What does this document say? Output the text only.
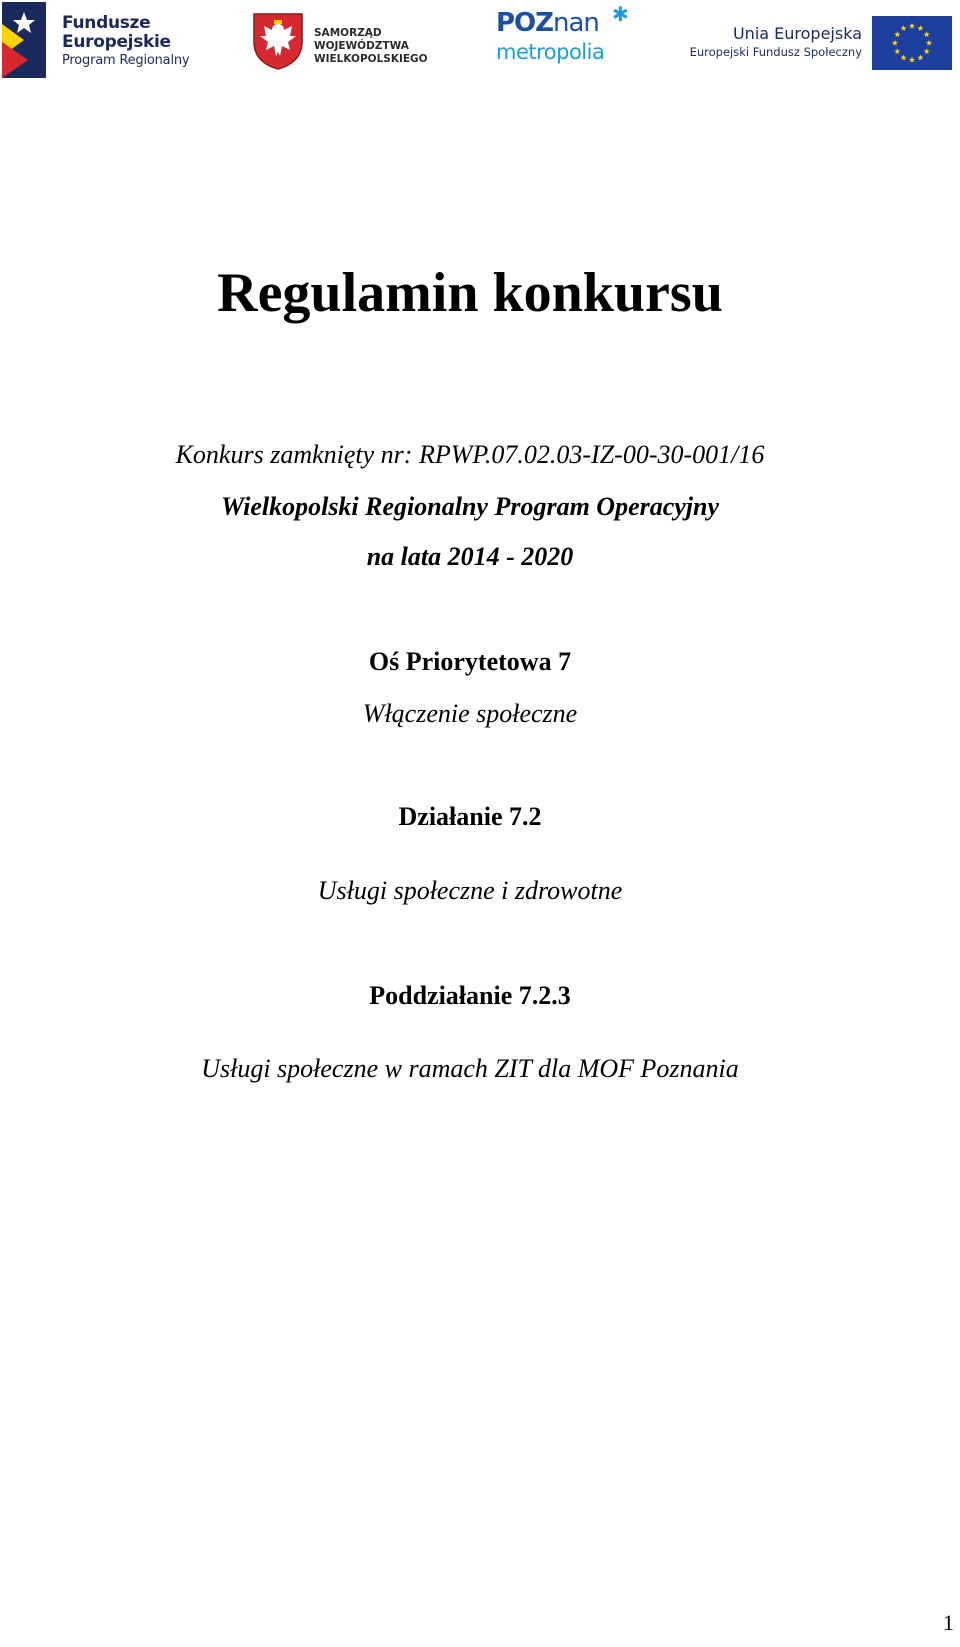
Fundusze
Europejskie
Program Regionalny
SAMORZĄD WOJEWÓDZTWA
WIELKOPOLSKIEGO
POZnan ✱
metropolia
Unia Europejska
Europejski Fundusz Społeczny
Regulamin konkursu
Konkurs zamknięty nr: RPWP.07.02.03-IZ-00-30-001/16
Wielkopolski Regionalny Program Operacyjny
na lata 2014 - 2020
Oś Priorytetowa 7
Włączenie społeczne
Działanie 7.2
Usługi społeczne i zdrowotne
Poddziałanie 7.2.3
Usługi społeczne w ramach ZIT dla MOF Poznania
1
